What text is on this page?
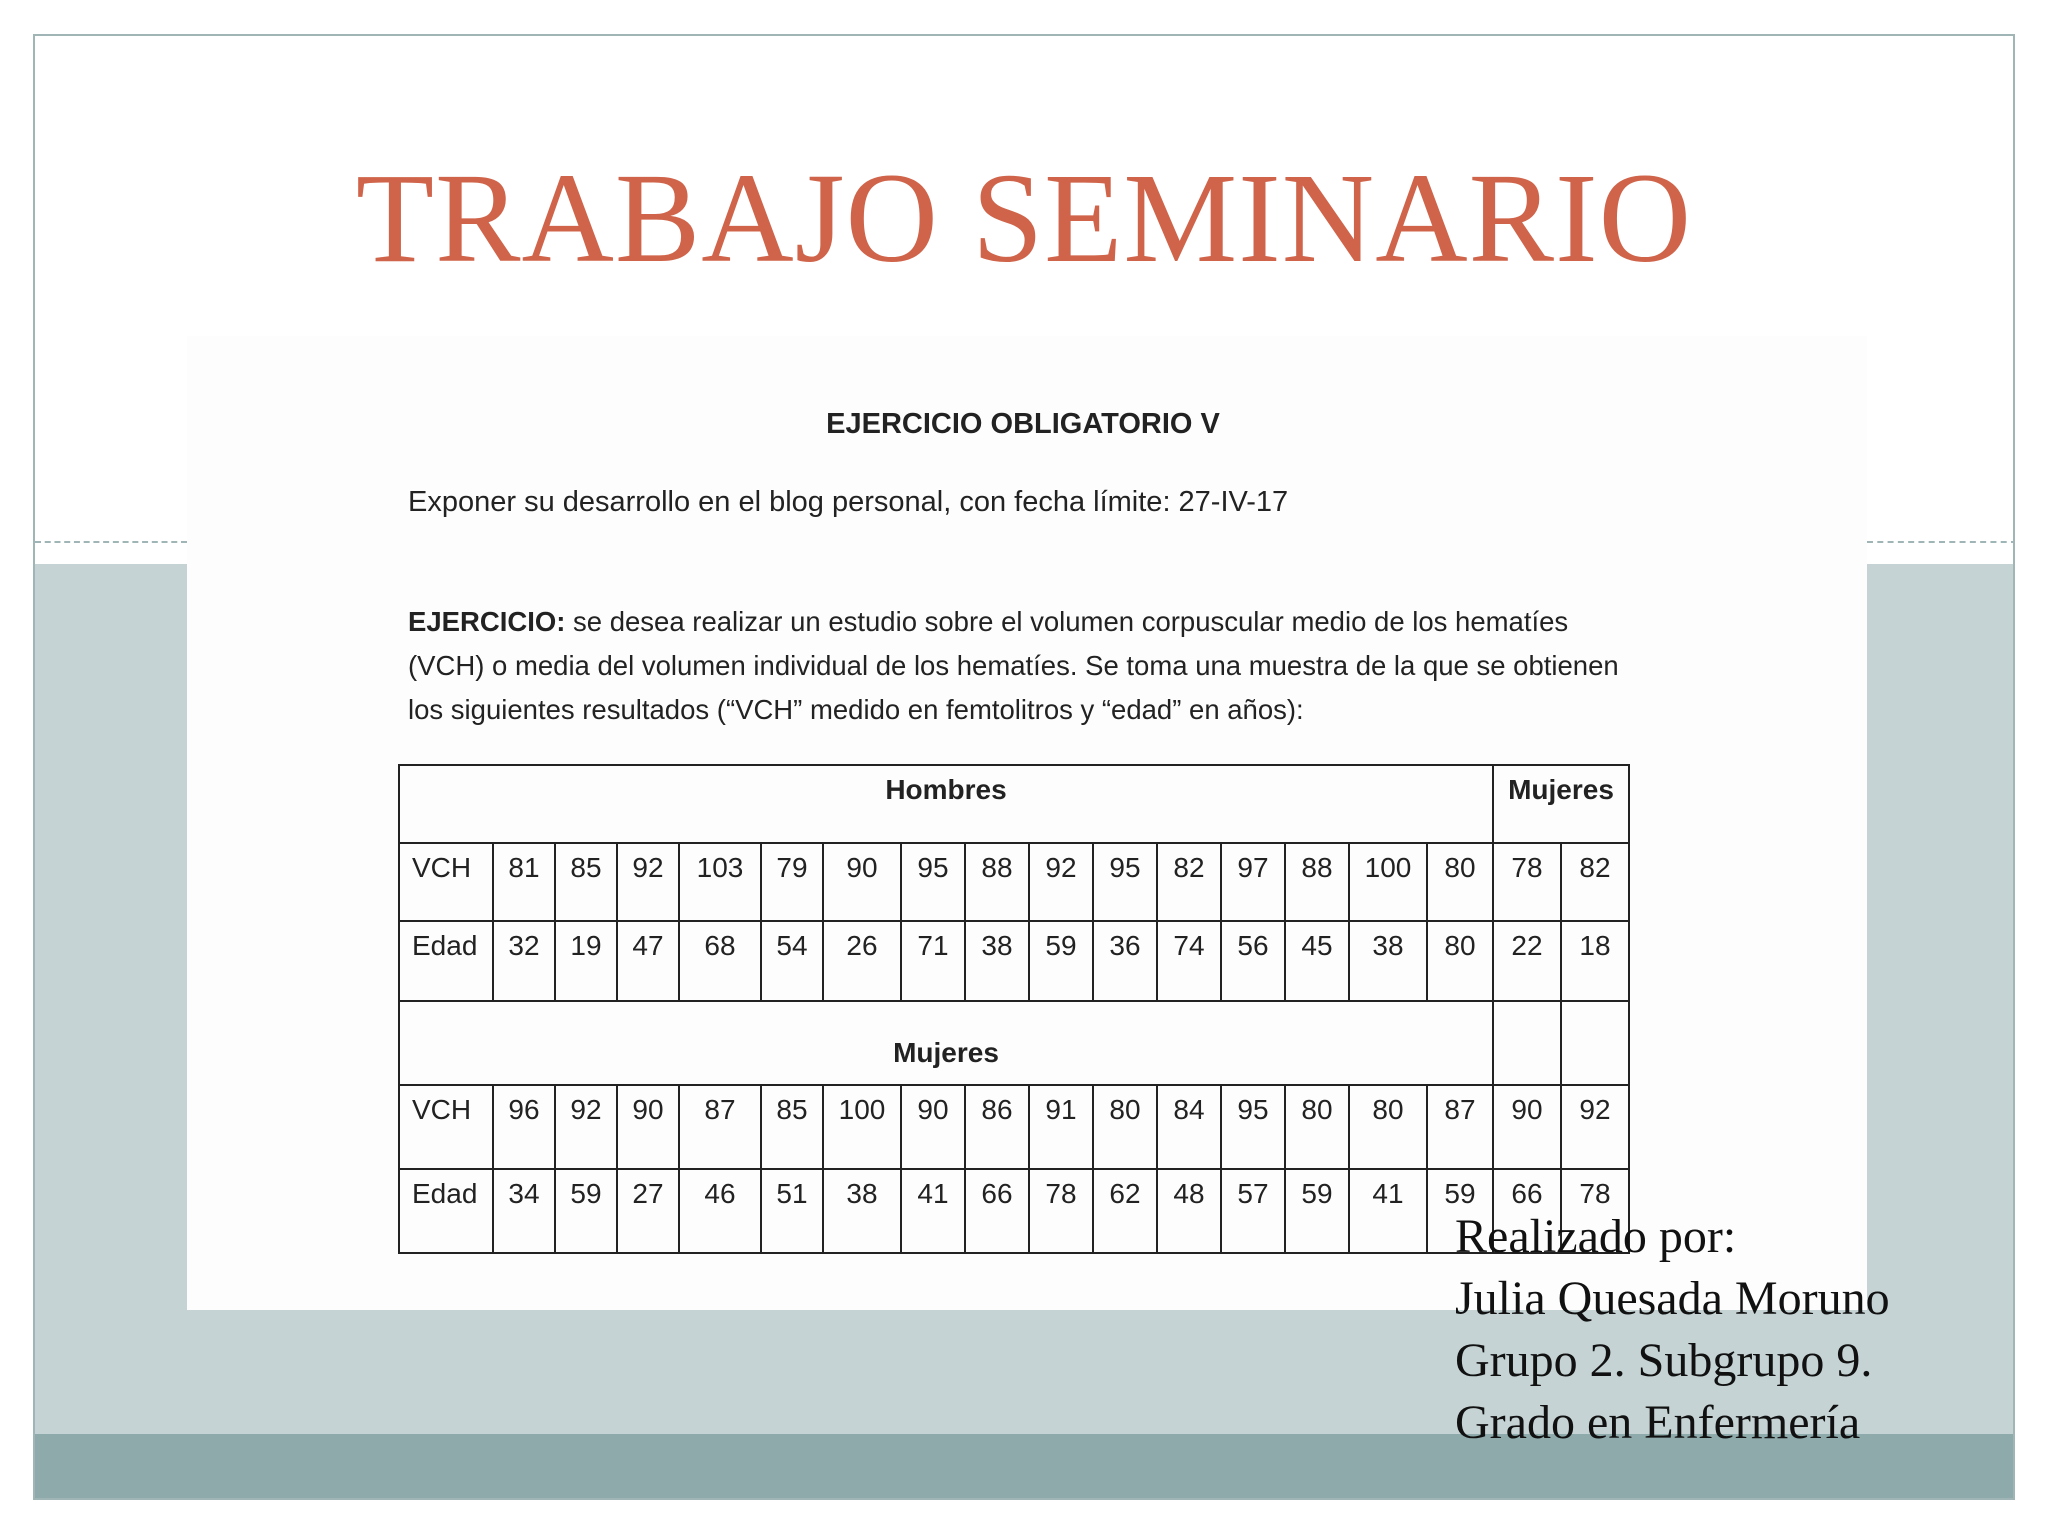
TRABAJO SEMINARIO
EJERCICIO OBLIGATORIO V
Exponer su desarrollo en el blog personal, con fecha límite: 27-IV-17
EJERCICIO: se desea realizar un estudio sobre el volumen corpuscular medio de los hematíes (VCH) o media del volumen individual de los hematíes. Se toma una muestra de la que se obtienen los siguientes resultados (“VCH” medido en femtolitros y “edad” en años):
Hombres																Mujeres	
VCH	81	85	92	103	79	90	95	88	92	95	82	97	88	100	80	78	82
Edad	32	19	47	68	54	26	71	38	59	36	74	56	45	38	80	22	18
Mujeres																	
VCH	96	92	90	87	85	100	90	86	91	80	84	95	80	80	87	90	92
Edad	34	59	27	46	51	38	41	66	78	62	48	57	59	41	59	66	78
Realizado por:
Julia Quesada Moruno
Grupo 2. Subgrupo 9.
Grado en Enfermería
